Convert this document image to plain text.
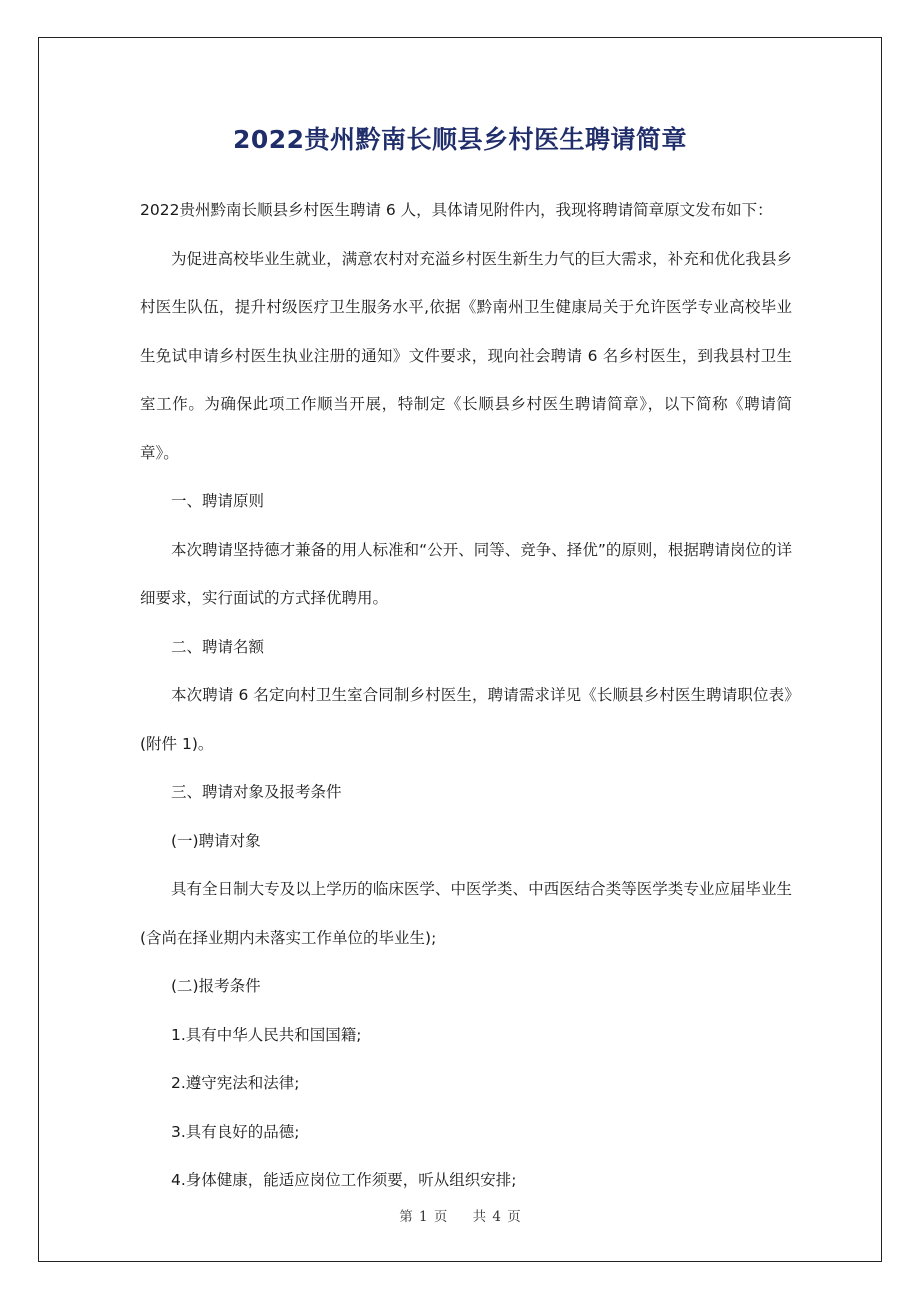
2022贵州黔南长顺县乡村医生聘请简章

2022贵州黔南长顺县乡村医生聘请 6 人，具体请见附件内，我现将聘请简章原文发布如下：

为促进高校毕业生就业，满意农村对充溢乡村医生新生力气的巨大需求，补充和优化我县乡村医生队伍，提升村级医疗卫生服务水平,依据《黔南州卫生健康局关于允许医学专业高校毕业生免试申请乡村医生执业注册的通知》文件要求，现向社会聘请 6 名乡村医生，到我县村卫生室工作。为确保此项工作顺当开展，特制定《长顺县乡村医生聘请简章》，以下简称《聘请简章》。

一、聘请原则

本次聘请坚持德才兼备的用人标准和“公开、同等、竞争、择优”的原则，根据聘请岗位的详细要求，实行面试的方式择优聘用。

二、聘请名额

本次聘请 6 名定向村卫生室合同制乡村医生，聘请需求详见《长顺县乡村医生聘请职位表》(附件 1)。

三、聘请对象及报考条件

(一)聘请对象

具有全日制大专及以上学历的临床医学、中医学类、中西医结合类等医学类专业应届毕业生(含尚在择业期内未落实工作单位的毕业生);

(二)报考条件

1.具有中华人民共和国国籍;

2.遵守宪法和法律;

3.具有良好的品德;

4.身体健康，能适应岗位工作须要，听从组织安排;

第 1 页 共 4 页
